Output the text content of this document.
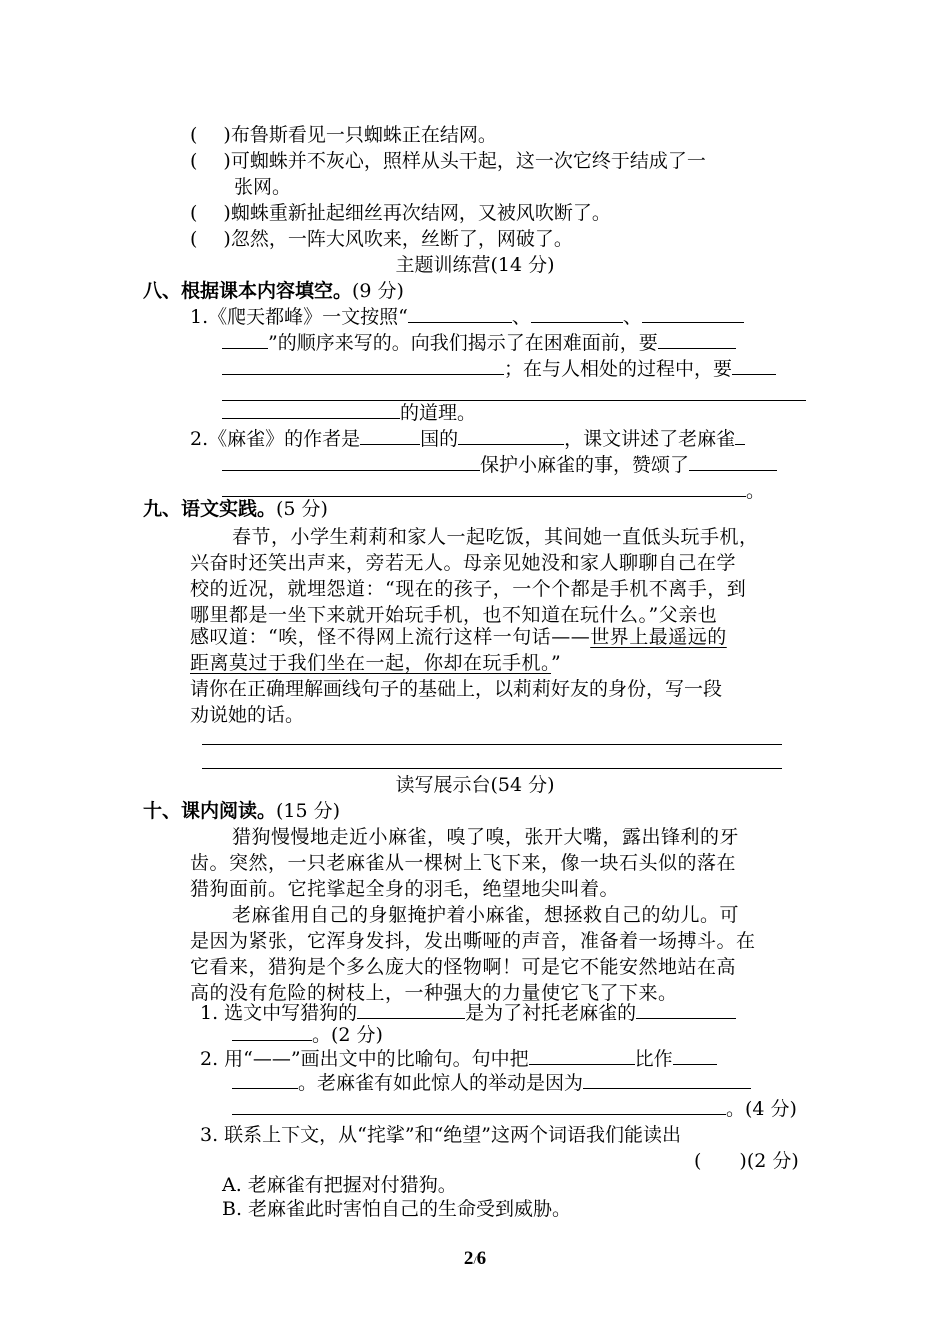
( )布鲁斯看见一只蜘蛛正在结网。
( )可蜘蛛并不灰心，照样从头干起，这一次它终于结成了一
张网。
( )蜘蛛重新扯起细丝再次结网，又被风吹断了。
( )忽然，一阵大风吹来，丝断了，网破了。
主题训练营(14 分)
八、根据课本内容填空。(9 分)
1.《爬天都峰》一文按照“	、	、
”的顺序来写的。向我们揭示了在困难面前，要
；在与人相处的过程中，要
的道理。
2.《麻雀》的作者是	国的	，课文讲述了老麻雀
保护小麻雀的事，赞颂了
。
九、语文实践。(5 分)
春节，小学生莉莉和家人一起吃饭，其间她一直低头玩手机，
兴奋时还笑出声来，旁若无人。母亲见她没和家人聊聊自己在学
校的近况，就埋怨道：“现在的孩子，一个个都是手机不离手，到
哪里都是一坐下来就开始玩手机，也不知道在玩什么。”父亲也
感叹道：“唉，怪不得网上流行这样一句话——世界上最遥远的
距离莫过于我们坐在一起，你却在玩手机。”
请你在正确理解画线句子的基础上，以莉莉好友的身份，写一段
劝说她的话。
读写展示台(54 分)
十、课内阅读。(15 分)
猎狗慢慢地走近小麻雀，嗅了嗅，张开大嘴，露出锋利的牙
齿。突然，一只老麻雀从一棵树上飞下来，像一块石头似的落在
猎狗面前。它挓挲起全身的羽毛，绝望地尖叫着。
老麻雀用自己的身躯掩护着小麻雀，想拯救自己的幼儿。可
是因为紧张，它浑身发抖，发出嘶哑的声音，准备着一场搏斗。在
它看来，猎狗是个多么庞大的怪物啊！可是它不能安然地站在高
高的没有危险的树枝上，一种强大的力量使它飞了下来。
1. 选文中写猎狗的	是为了衬托老麻雀的
。(2 分)
2. 用“——”画出文中的比喻句。句中把	比作
。老麻雀有如此惊人的举动是因为
。(4 分)
3. 联系上下文，从“挓挲”和“绝望”这两个词语我们能读出
(　　)(2 分)
A. 老麻雀有把握对付猎狗。
B. 老麻雀此时害怕自己的生命受到威胁。
2/6
